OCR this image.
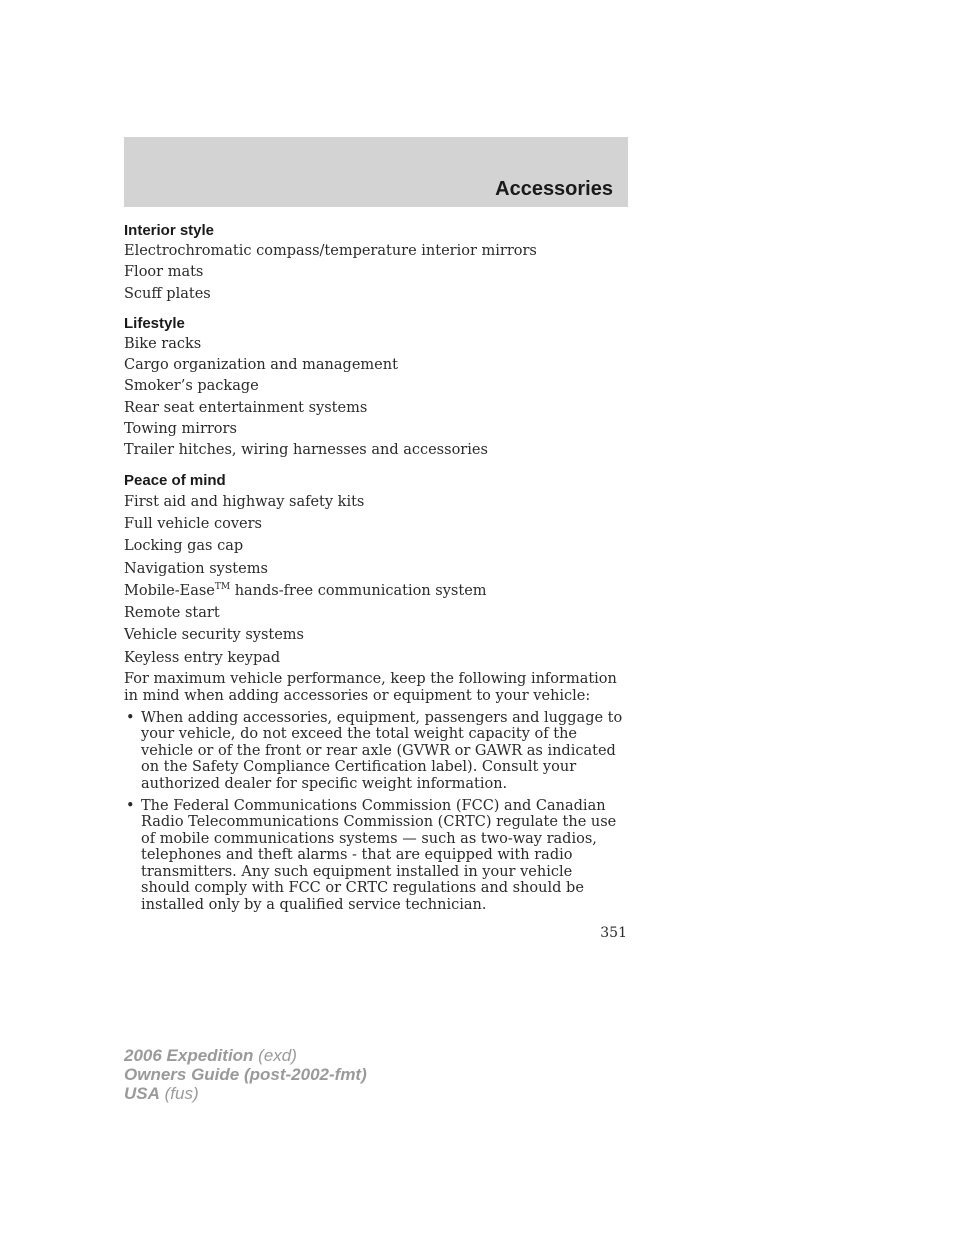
Accessories
Interior style
Electrochromatic compass/temperature interior mirrors
Floor mats
Scuff plates
Lifestyle
Bike racks
Cargo organization and management
Smoker’s package
Rear seat entertainment systems
Towing mirrors
Trailer hitches, wiring harnesses and accessories
Peace of mind
First aid and highway safety kits
Full vehicle covers
Locking gas cap
Navigation systems
Mobile-Ease™ hands-free communication system
Remote start
Vehicle security systems
Keyless entry keypad
For maximum vehicle performance, keep the following information in mind when adding accessories or equipment to your vehicle:
• When adding accessories, equipment, passengers and luggage to your vehicle, do not exceed the total weight capacity of the vehicle or of the front or rear axle (GVWR or GAWR as indicated on the Safety Compliance Certification label). Consult your authorized dealer for specific weight information.
• The Federal Communications Commission (FCC) and Canadian Radio Telecommunications Commission (CRTC) regulate the use of mobile communications systems — such as two-way radios, telephones and theft alarms - that are equipped with radio transmitters. Any such equipment installed in your vehicle should comply with FCC or CRTC regulations and should be installed only by a qualified service technician.
351
2006 Expedition (exd)
Owners Guide (post-2002-fmt)
USA (fus)
